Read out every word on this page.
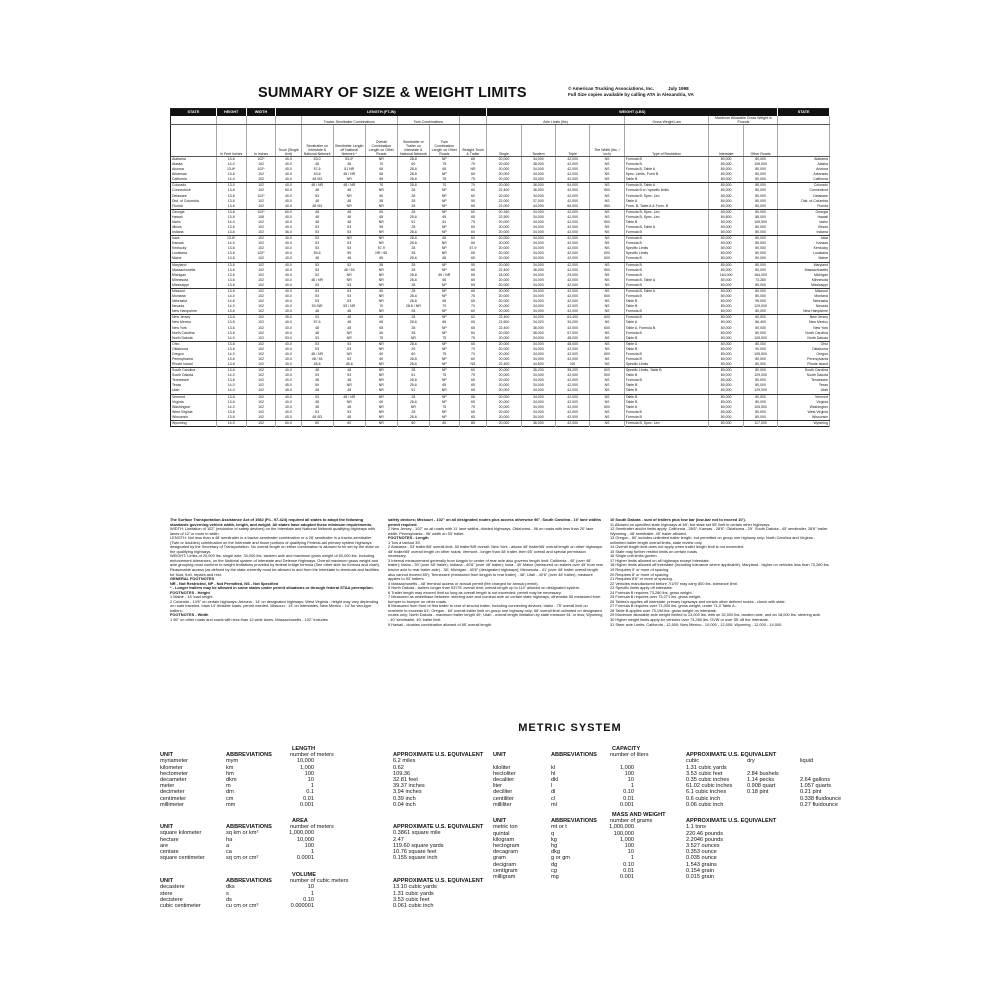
SUMMARY OF SIZE & WEIGHT LIMITS	© American Trucking Associations, Inc.	July 1998
Full Size copies available by calling ATA in Alexandria, VA
STATE	HEIGHT	WIDTH	LENGTH (FT-IN)							WEIGHT (LBS)							STATE
				Tractor-Semitrailer Combinations			Twin Combinations			Axle Limits (lbs)				Gross Weight Law	Maximum Allowable Gross Weight in Pounds		
	In Feet Inches	In Inches	Truck (Single Unit)	Semitrailer on Interstate & National Network	Semitrailer Length off National Network *	Overall Combination Length on Other Roads	Semitrailer or Trailer on Interstate & National Network	Twin Combination Length on Other Roads	Straight Truck & Trailer	Single	Tandem	Triple	Tire Width (lbs. / inch)	Type of Restriction	Interstate	Other Roads	
Alabama	13-6	102*	40-0	53-0	53-0*	NR	28-6	NP	65	20,000	34,000	42,000	NS	Formula B	80,000	80,000	Alabama
Alaska	14-0	102	40-0	48	48	70	60	75	75	20,000	38,000	42,000	NS	Formula B	80,000	106,000	Alaska
Arizona	13-6*	102*	40-0	57-6	51 NR	65	28-6	65	NR	20,000	34,000	42,000	NS	Formula B, Table A	80,000	80,000	Arizona
Arkansas	13-6	102	40-0	53-6	48 / NR	65	28-6	NP	65	20,000	34,000	42,000	NS	Spec. Limits, Form.B	80,000	80,000	Arkansas
California	14-0	102	40-0	48 /53	NR	65	28-6	75	75	20,000	34,000	42,000	NS	Table B	80,000	80,000	California
Colorado	13-0	102	40-0	48 / NR	48 / NR	70	28-6	70	70	20,000	36,000	54,000	NS	Formula B, Table A	80,000	85,000	Colorado
Connecticut	13-6	102	60-0	48	48	NR	28	NP	60	22,400	36,000	42,000	600	Formula B w / specific limits	80,000	80,000	Connecticut
Delaware	13-6	102*	40-0	53	NR	60	28	NP	60	20,000	34,000	42,000	NS	Formula B, Spec. Lim.	80,000	80,000	Delaware
Dist. of Columbia	13-6	102	40-0	48	48	55	28	NP	55	22,000	37,000	42,000	NS	Table A	80,000	80,000	Dist. of Columbia
Florida	13-6	102	40-0	48 /53	NR	NR	28	NP	65	22,000	44,000	66,000	550	Form. B, Table A & Form. B	80,000	80,000	Florida
Georgia	13-6	102*	60-0	48	48	60	28	NP	60	20,340	34,000	42,000	NS	Formula B, Spec. Lim.	80,000	80,000	Georgia
Hawaii	13-6	108	40-0	48	48	65	28-6	65	65	22,500	34,000	42,000	NS	Formula B, Spec. Lim.	80,800	88,000	Hawaii
Idaho	14-0	102	40-0	48	48	NR	61	61	75	20,000	34,000	42,000	600	Table B	80,000	105,500	Idaho
Illinois	13-6	102	40-0	53	53	55	28	NP	60	20,000	34,000	42,000	NS	Formula B, Table A	80,000	80,000	Illinois
Indiana	13-6	102	36-0	53	53	NR	28-6	NP	60	20,000	34,000	42,000	NS	Formula B	80,000	80,000	Indiana
Iowa	13-6*	102	40-0	53	NR	NR	28-6	65	60	20,000	34,000	42,000	NS	Formula B	80,000	80,000	Iowa
Kansas	14-0	102	40-0	53	53	NR	28-6	NR	65	20,000	34,000	42,000	NS	Formula B	80,000	85,500	Kansas
Kentucky	13-6	102	40-0	53	53	57-9	28	NP	57-9	20,000	34,000	42,000	NS	Specific Limits	80,000	80,000	Kentucky
Louisiana	13-6	102*	40-0	59-6	59	NR / 65	28	NR	65	20,000	34,000	42,000	600	Specific Limits	80,000	80,000	Louisiana
Maine	13-6	102	40-0	48	48	65	28-6	65	65	20,000	34,000	42,000	600	Formula B	80,000	80,000	Maine
Maryland	13-6	102	40-0	53	53	55	28	NP	55	20,000	34,000	42,000	NS	Formula B	80,000	80,000	Maryland
Massachusetts	13-6	102	40-0	53	48 / 53	NR	28	NP	65	22,400	36,000	42,000	600	Formula B	80,000	80,000	Massachusetts
Michigan	13-6	102	40-0	53	NR	NR	28-6	59 / NR	65	18,000	34,000	29,000	NS	Formula B	164,000	164,000	Michigan
Minnesota	13-6	102	40-0	48 / NR	NR	NR	28-6	65	65	20,000	34,000	42,000	NS	Formula B, Table A	80,000	73,280	Minnesota
Mississippi	13-6	102	40-0	53	53	NR	28	NP	65	20,000	34,000	42,000	NS	Formula B	80,000	80,000	Mississippi
Missouri	13-6	102	40-0	53	53	60	28	NP	65	20,000	34,000	42,000	NS	Formula B, Table A	80,000	80,000	Missouri
Montana	14-0	102	40-0	53	53	NR	28-6	NP	75	20,000	34,000	42,000	600	Formula B	80,000	80,000	Montana
Nebraska	14-6	102	40-0	53	53	NR	28-6	65	65	20,000	34,000	42,000	NS	Table B	80,000	95,000	Nebraska
Nevada	14-0	102	40-0	53 /NR	53 / NR	70	28-6 / NR	70	70	20,000	34,000	42,000	NS	Table B	80,000	129,000	Nevada
New Hampshire	13-6	102	40-0	48	48	NR	28	NP	60	20,000	34,000	42,000	NS	Formula B	80,000	80,000	New Hampshire
New Jersey	13-6	102	35-0	53	48	65	28	NP	62	22,400	34,000	64,400	600	Formula B	80,000	80,000	New Jersey
New Mexico	13-6	102	40-0	57-6	48	65	28-6	65	65	21,600	34,320	34,200	NS	Table A	80,000	86,400	New Mexico
New York	13-6	102	40-0	48	48	65	28	NP	65	22,400	36,000	42,000	600	Table A, Formula B	80,000	80,000	New York
North Carolina	13-6	102	40-0	48	NR	60	28	NP	60	20,000	38,000	57,000	NS	Formula B	80,000	80,000	North Carolina
North Dakota	14-0	102	53-0	53	NR	75	NR	75	75	20,000	34,000	48,000	NS	Table B	80,000	105,500	North Dakota
Ohio	13-6	102	40-0	53	53	NR	28-6	NP	65	20,000	34,000	48,000	NS	Table A	80,000	80,000	Ohio
Oklahoma	13-6	102	40-0	53	53	NR	29	NP	70	20,000	34,000	42,000	NS	Table B	80,000	90,000	Oklahoma
Oregon	14-0	102	40-0	48 / NR	NR	60	60	75	70	20,000	34,000	42,000	600	Formula B	80,000	105,500	Oregon
Pennsylvania	13-6	102	40-0	48 / 53	53	60	28-6	NP	60	20,000	34,000	42,000	NS	Formula B	80,000	80,000	Pennsylvania
Rhode Island	13-6	102	40-0	48-6	48-6	NR	28-6	NP	NS	22,400	44,800	NS	NS	Specific Limits	80,000	80,000	Rhode Island
South Carolina	13-6	102	40-0	48	48	NR	28	NP	60	20,000	35,200	35,200	600	Specific Limits, Table B	80,000	80,000	South Carolina
South Dakota	14-0	102	40-0	53	53	NR	61	75	75	20,000	34,000	42,000	500	Table B	80,000	129,000	South Dakota
Tennessee	13-6	102	40-0	48	48	NR	28-6	NP	65	20,000	34,000	42,000	NS	Formula B	80,000	80,000	Tennessee
Texas	14-0	102	45-0	59	NR	NR	28-6	65	65	20,000	34,000	42,000	NS	Table B	80,000	80,000	Texas
Utah	14-0	102	45-0	48	48	NR	61	NR	65	20,000	34,000	42,000	NS	Table B	80,000	129,000	Utah
Vermont	13-6	102	40-0	53	48 / NR	NR	28	NP	68	20,000	34,000	42,000	NS	Table B	80,000	80,000	Vermont
Virginia	13-6	102	40-0	48	NR	60	28-6	NP	65	20,000	34,000	42,000	NS	Table B	80,000	80,000	Virginia
Washington	14-0	102	40-0	48	48	NR	NR	75	75	20,000	34,000	42,000	600	Table A	80,000	105,500	Washington
West Virginia	13-6	102	40-0	53	53	NR	28	NP	65	20,000	34,000	42,000	NS	Formula B	80,000	80,000	West Virginia
Wisconsin	13-6	102	40-0	48 /53	48	NR	28-6	NP	65	20,000	34,000	42,000	NS	Formula B	80,000	80,000	Wisconsin
Wyoming	14-0	102	60-0	60	60	NR	60	60	85	20,000	36,000	42,000	NS	Formula B, Spec. Lim.	80,000	117,000	Wyoming

The Surface Transportation Assistance Act of 1982 (P.L. 97-424) required all states to adopt the following standards governing vehicle width, length, and weight. All states have adopted these minimum requirements.

WIDTH: Limitation of 102" (exclusive of safety devices) on the Interstate and National Network qualifying highways with lanes of 12' or more in width.

LENGTH: Not less than a 48' semitrailer in a tractor-semitrailer combination or a 28' semitrailer in a tractor-semitrailer (Twin or doubles) combination on the Interstate and those portions of qualifying Federal-aid primary system highways designated by the Secretary of Transportation. No overall length on either combination is allowed to be set by the state on the qualifying highways.

WEIGHT: Limits of 20,000 lbs. single axle, 34,000 lbs. tandem axle and maximum gross weight of 80,000 lbs. including enforcement tolerances, on the National system of Interstate and Defense Highways. Overall maximum gross weight and axle grouping must conform to weight limitations provided by federal bridge formula (See other side for formula and chart). Reasonable access (as defined by the state currently must be allowed to and from the Interstate to terminals and facilities for food, fuel, repairs and rest.

GENERAL FOOTNOTES

NR - Not Restricted, NP - Not Permitted, NS - Not Specified

* - Longer trailers may be allowed in some states under permit situations or through federal STAA preemption.

FOOTNOTES - Height

1 Maine - 14' load height

2 Colorado - 14'6" on certain highways; Arizona - 14' on designated highways; West Virginia - height may vary depending on route traveled, Iowa 14' divisible loads, permit needed. Missouri - 14' on Interstates, New Mexico - 14' for van-type trailers.

FOOTNOTES - Width

1 96" on other roads and roads with less than 12 wide lanes. Massachusetts - 102" includes

safety devices; Missouri - 102" on all designated routes plus access otherwise 96". South Carolina - 10' lane widths permit required.

2 New Jersey - 102" on all roads with 11' lane widths, divided highways. Oklahoma - 96 on roads with less than 20' lane width. Pennsylvania - 96' width on 53' trailer.

FOOTNOTES - Length

1 Tow a tablout 35'.

2 Alabama - 53' trailer/65' overall limit, 50 trailer/NR overall; New York - allows 48' trailer/65' overall length on other highways. 48' trailer/65' overall length on other roads; Vermont - longer than 48' trailer, then 65' overall and special permission necessary.

3 Internal measurement generally from kingpin to center of rear axle also governs length limit: California - 40' (over 48' trailer); Idaho - 39' (over 48' trailer); Indiana - 40'6" (over 48' trailer); Iowa - 40' Maine (measured on trailers over 45' from rear tractor axle to rear trailer axle) - 38'; Michigan - 40'6" (designated highways); Minnesota - 41' (over 48' trailer overall length also cannot exceed 65'); Tennessee (measured from kingpin to rear trailer) - 48'; Utah - 40'6" (over 48' trailer); measure applies to 53' trailers.

4 Massachusetts - 48' terminal access or annual permit (fee charged for annual permit).

5 North Dakota - trailers longer than 53'/75' overall limit; overall length up to 110' allowed on designated system.

6 Trailer length may exceed limit so long as overall length is not exceeded; permit may be necessary.

7 Measured as wheelbase between: steering axle and nominal axle on certain state highways, otherwise 55 measured from bumper to bumper on other roads.

8 Measured from front of first trailer to rear of second trailer, including connecting devices; Idaho - 75' overall limit on rear/mile to exceeds 61'; Oregon - 60' overall trailer limit on group one highway only; 68' overall limit unlimited on designated routes only; North Dakota - maximum trailer length 40'; Utah - overall length limitation by state measure 61' or less; Wyoming - 40' semitrailer, 40' trailer limit.

9 Hawaii - doubles combination allowed of 65' overall length.

10 South Dakota - sum of trailers plus tow bar (low-bar not to exceed 10').

11 Allowed on specified state highways at 65'; but state set 55' limit in certain other highways.

12 Semitrailer and/or limits apply: California - 28'6"; Kansas - 28'6"; Oklahoma - 29'. South Dakota - 45' semitrailer, 28'6" trailer. Wyoming - 48' semitrailer, 40' trailer allowed.

13 Oregon - 60' includes unlimited trailer length, but permitted on group one highway only; North Carolina and Virginia - unlimited trailer length overall limits, state review only.

14 Overall length limit does not apply when trailer length limit is not exceeded.

15 State may further restrict limits on certain roads.

16 Single unit limits govern.

17 Higher limits allowed on all highways except Interstate.

18 Higher limits allowed off interstate (including tolerance where applicable). Maryland - higher on vehicles less than 73,280 lbs.

19 Requires 9' or more of spacing.

20 Requires 8' or more of spacing.

21 Requires 8'6" or more of spacing.

22 Vehicles manufactured before 7/1/97 may carry 800 lbs. tolerance limit.

23 Specific limits apply off interstate.

24 Formula B requires 73,280 lbs. gross weight.

25 Formula B requires over 73,271 lbs. gross weight.

26 Tables's applies off interstate, primary highways and certain other defined routes - check with state.

27 Formula B requires over 71,000 lbs. gross weight, under 71,0 Table A.

28 Table B applies over 75,198 lbs. gross weight on interstate.

29 Maximum allowable axle weight limited to 13,000 lbs. with on 32,000 lbs. tandem axle, and an 18,000 lbs. steering axle.

30 Higher weight limits apply for vehicles over 73,280 lbs. GVW or over 55' off the Interstate.

31 Steer axle Limits: California - 12,500; New Mexico - 10,000 - 12,000; Wyoming - 12,000 - 14,000.

METRIC SYSTEM
LENGTH
UNIT	ABBREVIATIONS	number of meters	APPROXIMATE U.S. EQUIVALENT
myriameter	mym	10,000	6.2 miles
kilometer	km	1,000	0.62
hectometer	hm	100	109.36
decameter	dkm	10	32.81 feet
meter	m	1	39.37 inches
decimeter	dm	0.1	3.94 inches
centimeter	cm	0.01	0.39 inch
millimeter	mm	0.001	0.04 inch
AREA
UNIT	ABBREVIATIONS	number of meters	APPROXIMATE U.S. EQUIVALENT
square kilometer	sq km or km²	1,000,000	0.3861 square mile
hectare	ha	10,000	2.47
are	a	100	119.60 square yards
centare	ca	1	10.76 square feet
square centimeter	sq cm or cm²	0.0001	0.155 square inch
VOLUME
UNIT	ABBREVIATIONS	number of cubic meters	APPROXIMATE U.S. EQUIVALENT
decastere	dks	10	13.10 cubic yards
stere	s	1	1.31 cubic yards
decistere	ds	0.10	3.53 cubic feet
cubic centimeter	cu cm or cm³	0.000001	0.061 cubic inch
CAPACITY
UNIT	ABBREVIATIONS number of liters	APPROXIMATE U.S. EQUIVALENT
cubic	dry	liquid
kiloliter	kl	1,000	1.31 cubic yards
hectoliter	hl	100	3.53 cubic feet	2.84 bushels
decaliter	dkl	10	0.35 cubic inches	1.14 pecks	2.64 gallons
liter	l	1	61.02 cubic inches	0.908 quart	1.057 quarts
deciliter	dl	0.10	6.1 cubic inches	0.18 pint	0.21 pint
centiliter	cl	0.01	0.6 cubic inch	0.338 fluidounce
milliliter	ml	0.001	0.06 cubic inch	0.27 fluidounce
MASS AND WEIGHT
UNIT	ABBREVIATIONS number of grams	APPROXIMATE U.S. EQUIVALENT
metric ton	mt or t	1,000,000	1.1 tons
quintal	q	100,000	220.46 pounds
kilogram	kg	1,000	2.2046 pounds
hectogram	hg	100	3.527 ounces
decagram	dkg	10	0.353 ounce
gram	g or gm	1	0.035 ounce
decigram	dg	0.10	1.543 grains
centigram	cg	0.01	0.154 grain
milligram	mg	0.001	0.015 grain
